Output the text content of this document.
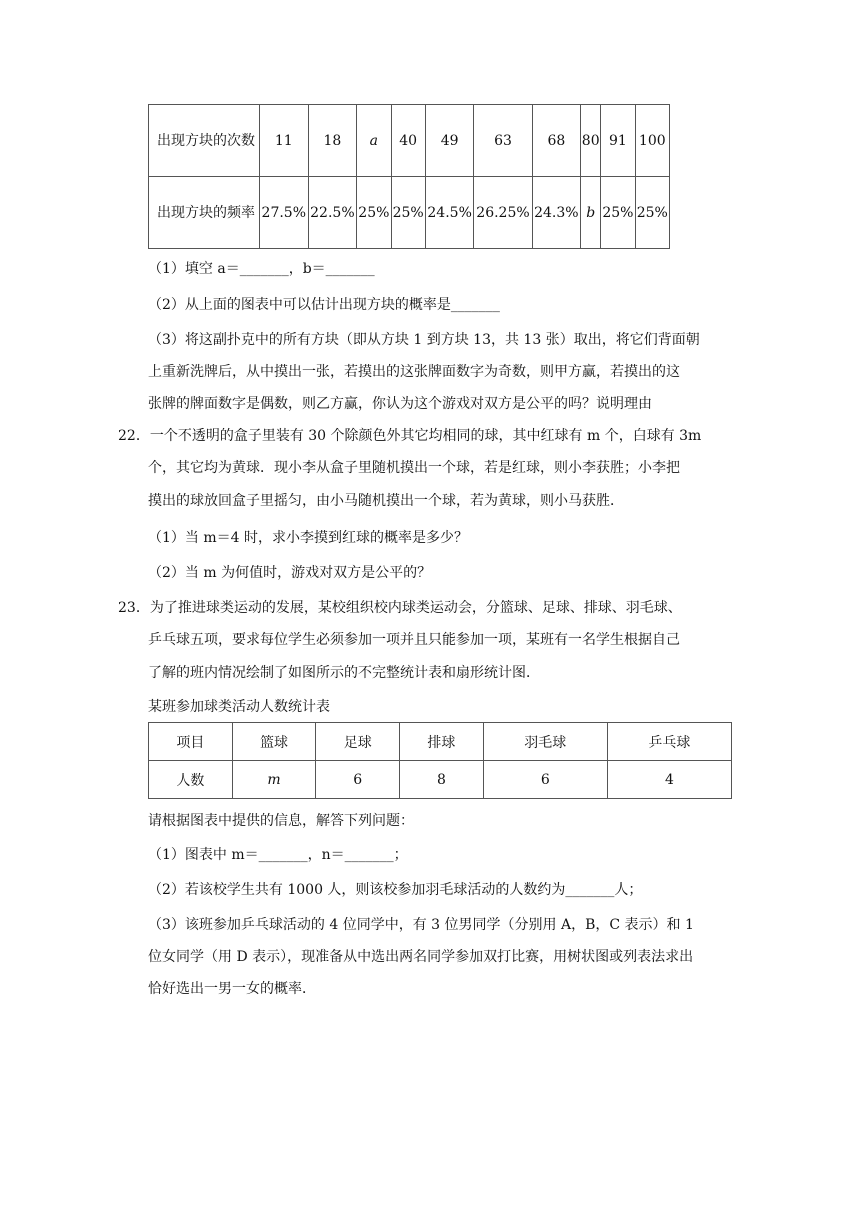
出现方块的次数	11	18	a	40	49	63	68	80	91	100
出现方块的频率	27.5%	22.5%	25%	25%	24.5%	26.25%	24.3%	b	25%	25%
（1）填空 a＝_______，b＝_______
（2）从上面的图表中可以估计出现方块的概率是_______
（3）将这副扑克中的所有方块（即从方块 1 到方块 13，共 13 张）取出，将它们背面朝
上重新洗牌后，从中摸出一张，若摸出的这张牌面数字为奇数，则甲方赢，若摸出的这
张牌的牌面数字是偶数，则乙方赢，你认为这个游戏对双方是公平的吗？说明理由
22．一个不透明的盒子里装有 30 个除颜色外其它均相同的球，其中红球有 m 个，白球有 3m
个，其它均为黄球．现小李从盒子里随机摸出一个球，若是红球，则小李获胜；小李把
摸出的球放回盒子里摇匀，由小马随机摸出一个球，若为黄球，则小马获胜．
（1）当 m＝4 时，求小李摸到红球的概率是多少？
（2）当 m 为何值时，游戏对双方是公平的？
23．为了推进球类运动的发展，某校组织校内球类运动会，分篮球、足球、排球、羽毛球、
乒乓球五项，要求每位学生必须参加一项并且只能参加一项，某班有一名学生根据自己
了解的班内情况绘制了如图所示的不完整统计表和扇形统计图．
某班参加球类活动人数统计表
项目	篮球	足球	排球	羽毛球	乒乓球
人数	m	6	8	6	4
请根据图表中提供的信息，解答下列问题：
（1）图表中 m＝_______，n＝_______；
（2）若该校学生共有 1000 人，则该校参加羽毛球活动的人数约为_______人；
（3）该班参加乒乓球活动的 4 位同学中，有 3 位男同学（分别用 A，B，C 表示）和 1
位女同学（用 D 表示），现准备从中选出两名同学参加双打比赛，用树状图或列表法求出
恰好选出一男一女的概率．
